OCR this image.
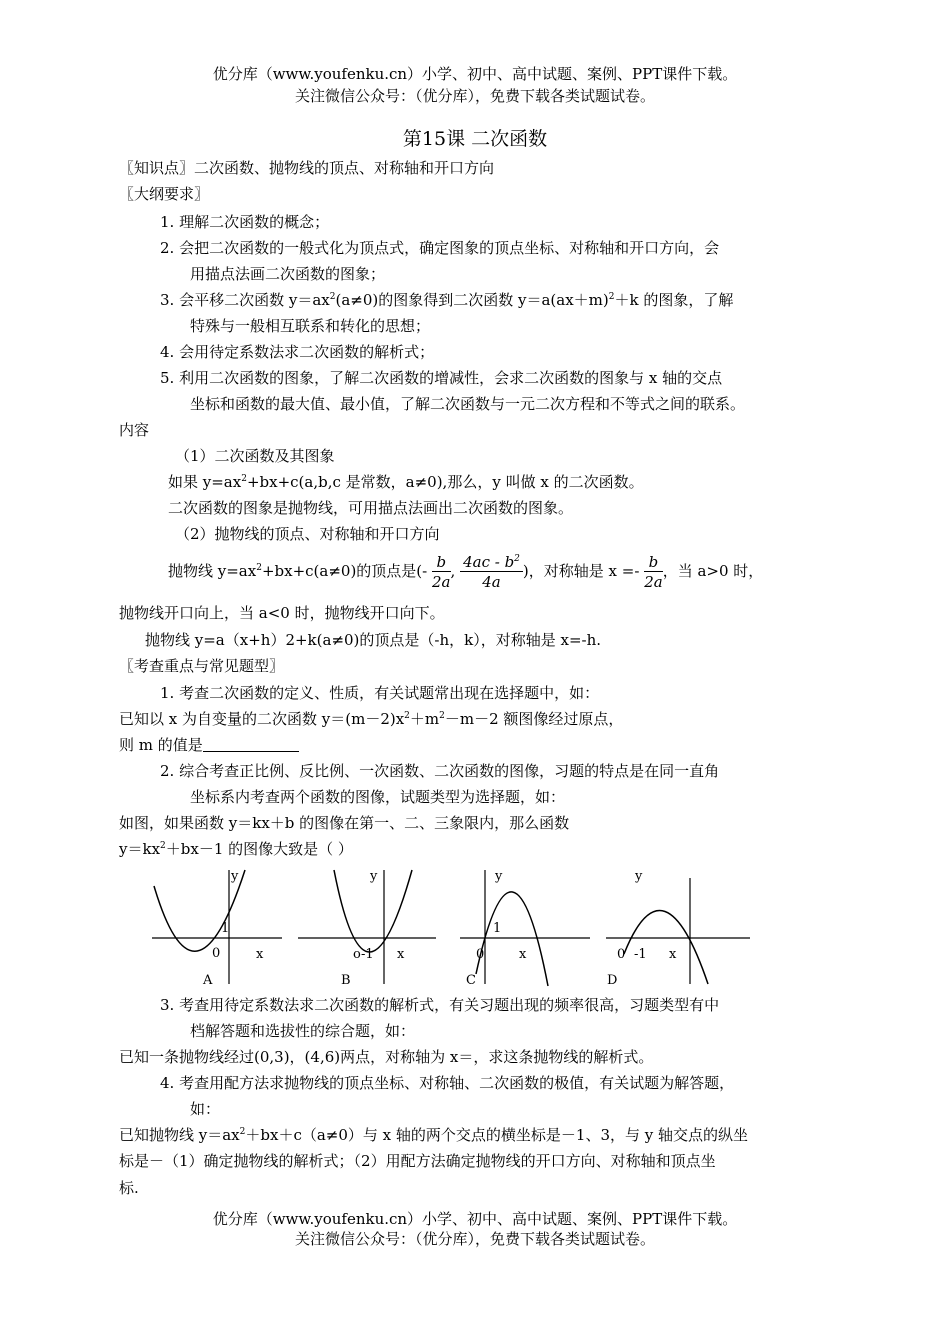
优分库（www.youfenku.cn）小学、初中、高中试题、案例、PPT课件下载。
关注微信公众号：（优分库），免费下载各类试题试卷。
第15课 二次函数
〖知识点〗二次函数、抛物线的顶点、对称轴和开口方向
〖大纲要求〗
1. 理解二次函数的概念；
2. 会把二次函数的一般式化为顶点式，确定图象的顶点坐标、对称轴和开口方向，会
用描点法画二次函数的图象；
3. 会平移二次函数 $y=ax^2(a\ne 0)$的图象得到二次函数 $y=a(ax+m)^2+k$ 的图象，了解
特殊与一般相互联系和转化的思想；
4. 会用待定系数法求二次函数的解析式；
5. 利用二次函数的图象，了解二次函数的增减性，会求二次函数的图象与 x 轴的交点
坐标和函数的最大值、最小值，了解二次函数与一元二次方程和不等式之间的联系。
内容
（1）二次函数及其图象
如果 $y=ax^2+bx+c(a,b,c$ 是常数，a≠0),那么，y 叫做 x 的二次函数。
二次函数的图象是抛物线，可用描点法画出二次函数的图象。
（2）抛物线的顶点、对称轴和开口方向
抛物线 $y=ax^2+bx+c(a\ne 0)$的顶点是(- $\frac{b}{2a}$ , $\frac{4ac - b^2}{4a}$ )，对称轴是 $x =- \frac{b}{2a}$ ，当 a>0 时，
抛物线开口向上，当 a<0 时，抛物线开口向下。
抛物线 y=a（x+h）2+k(a≠0)的顶点是（-h，k），对称轴是 x=-h.
〖考查重点与常见题型〗
1. 考查二次函数的定义、性质，有关试题常出现在选择题中，如：
已知以 x 为自变量的二次函数 $y=(m-2)x^2+m^2-m-2$ 额图像经过原点，
则 m 的值是
2. 综合考查正比例、反比例、一次函数、二次函数的图像，习题的特点是在同一直角
坐标系内考查两个函数的图像，试题类型为选择题，如：
如图，如果函数 y＝kx＋b 的图像在第一、二、三象限内，那么函数
$y=kx^2+bx-1$ 的图像大致是（ ）
y
x
0
1
A
y
x
o -1
B
y
x
0
1
C
y
x
0 -1
D
3. 考查用待定系数法求二次函数的解析式，有关习题出现的频率很高，习题类型有中
档解答题和选拔性的综合题，如：
已知一条抛物线经过(0,3)，(4,6)两点，对称轴为 x＝，求这条抛物线的解析式。
4. 考查用配方法求抛物线的顶点坐标、对称轴、二次函数的极值，有关试题为解答题，
如：
已知抛物线 $y=ax^2+bx+c(a\ne 0)$与 x 轴的两个交点的横坐标是－1、3，与 y 轴交点的纵坐
标是－（1）确定抛物线的解析式；（2）用配方法确定抛物线的开口方向、对称轴和顶点坐
标.
优分库（www.youfenku.cn）小学、初中、高中试题、案例、PPT课件下载。
关注微信公众号：（优分库），免费下载各类试题试卷。
